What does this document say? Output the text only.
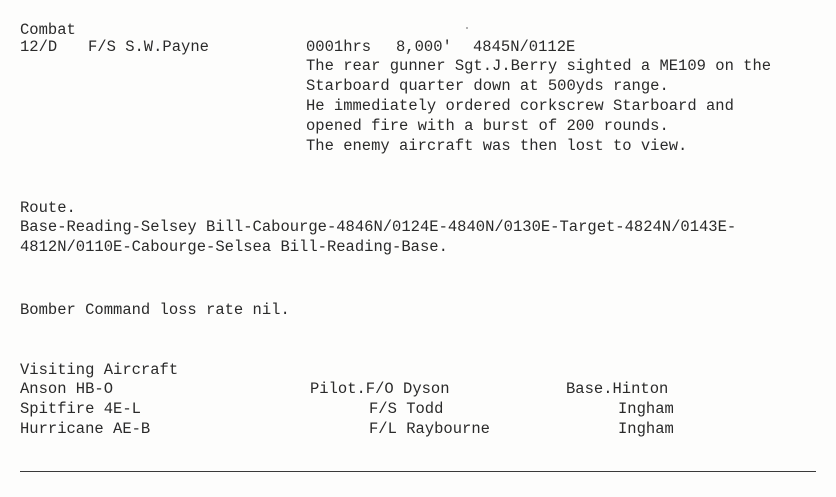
Combat
12/D F/S S.W.Payne	0001hrs 8,000' 4845N/0112E
The rear gunner Sgt.J.Berry sighted a ME109 on the
Starboard quarter down at 500yds range.
He immediately ordered corkscrew Starboard and
opened fire with a burst of 200 rounds.
The enemy aircraft was then lost to view.
Route.
Base-Reading-Selsey Bill-Cabourge-4846N/0124E-4840N/0130E-Target-4824N/0143E-
4812N/0110E-Cabourge-Selsea Bill-Reading-Base.
Bomber Command loss rate nil.
Visiting Aircraft
Anson HB-O	Pilot.F/O Dyson	Base.Hinton
Spitfire 4E-L	F/S Todd	Ingham
Hurricane AE-B	F/L Raybourne	Ingham
